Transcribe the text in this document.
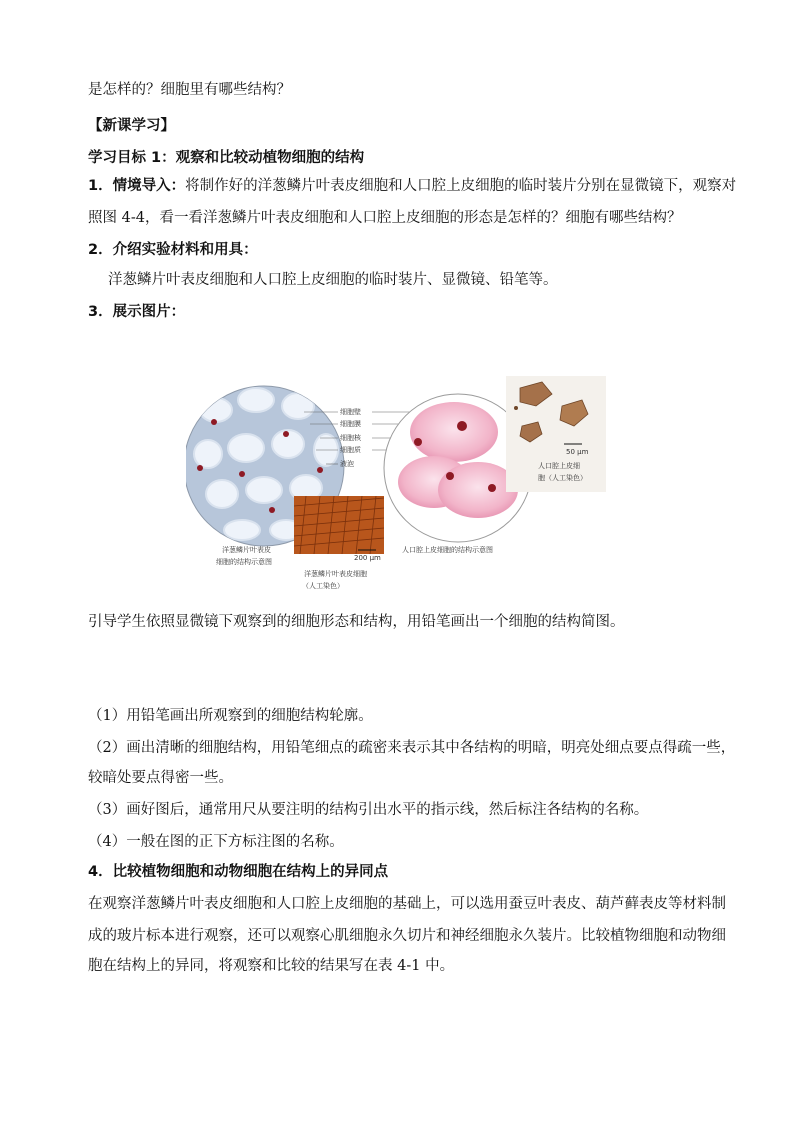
是怎样的？细胞里有哪些结构？
【新课学习】
学习目标 1：观察和比较动植物细胞的结构
1．情境导入：将制作好的洋葱鳞片叶表皮细胞和人口腔上皮细胞的临时装片分别在显微镜下，观察对
照图 4-4，看一看洋葱鳞片叶表皮细胞和人口腔上皮细胞的形态是怎样的？细胞有哪些结构？
2．介绍实验材料和用具：
洋葱鳞片叶表皮细胞和人口腔上皮细胞的临时装片、显微镜、铅笔等。
3．展示图片：
细胞壁
细胞膜
细胞核
细胞质
液泡
人口腔上皮细胞的结构示意图
200 μm
洋葱鳞片叶表皮
细胞的结构示意图
洋葱鳞片叶表皮细胞
（人工染色）
50 μm
人口腔上皮细
胞（人工染色）
引导学生依照显微镜下观察到的细胞形态和结构，用铅笔画出一个细胞的结构简图。
（1）用铅笔画出所观察到的细胞结构轮廓。
（2）画出清晰的细胞结构，用铅笔细点的疏密来表示其中各结构的明暗，明亮处细点要点得疏一些，
较暗处要点得密一些。
（3）画好图后，通常用尺从要注明的结构引出水平的指示线，然后标注各结构的名称。
（4）一般在图的正下方标注图的名称。
4．比较植物细胞和动物细胞在结构上的异同点
在观察洋葱鳞片叶表皮细胞和人口腔上皮细胞的基础上，可以选用蚕豆叶表皮、葫芦藓表皮等材料制
成的玻片标本进行观察，还可以观察心肌细胞永久切片和神经细胞永久装片。比较植物细胞和动物细
胞在结构上的异同，将观察和比较的结果写在表 4-1 中。
